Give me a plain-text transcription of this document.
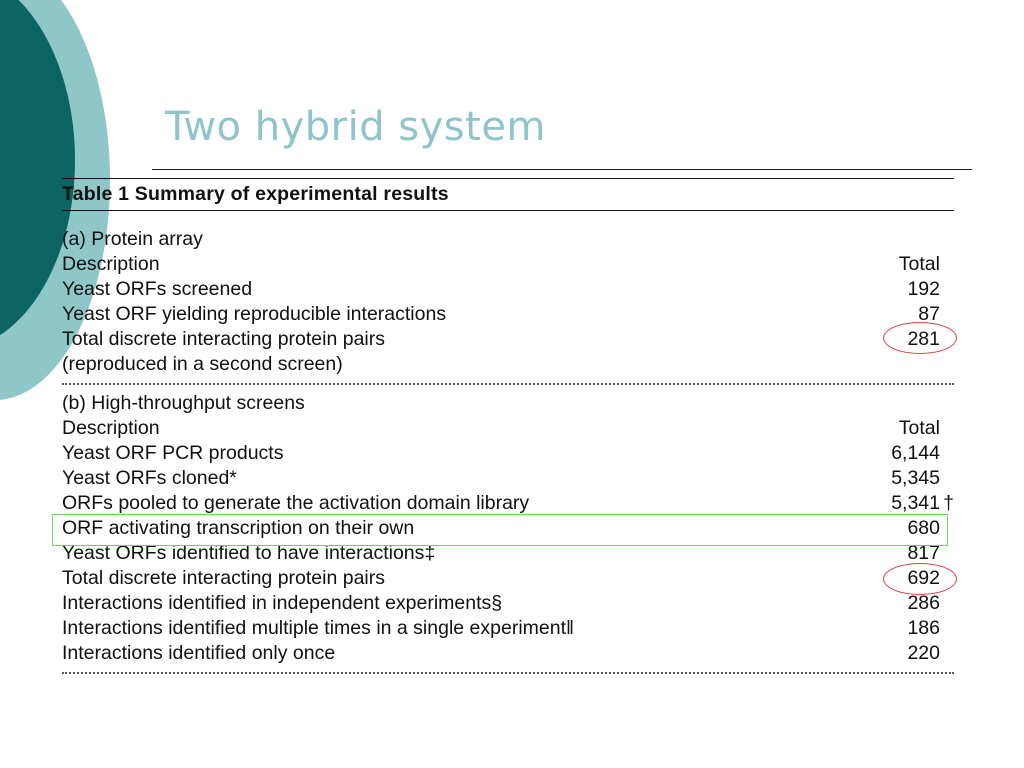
Two hybrid system
Table 1 Summary of experimental results
(a) Protein array
Description	Total
Yeast ORFs screened	192
Yeast ORF yielding reproducible interactions	87
Total discrete interacting protein pairs	281
(reproduced in a second screen)
(b) High-throughput screens
Description	Total
Yeast ORF PCR products	6,144
Yeast ORFs cloned*	5,345
ORFs pooled to generate the activation domain library	5,341 †
ORF activating transcription on their own	680
Yeast ORFs identified to have interactions‡	817
Total discrete interacting protein pairs	692
Interactions identified in independent experiments§	286
Interactions identified multiple times in a single experiment‖	186
Interactions identified only once	220
